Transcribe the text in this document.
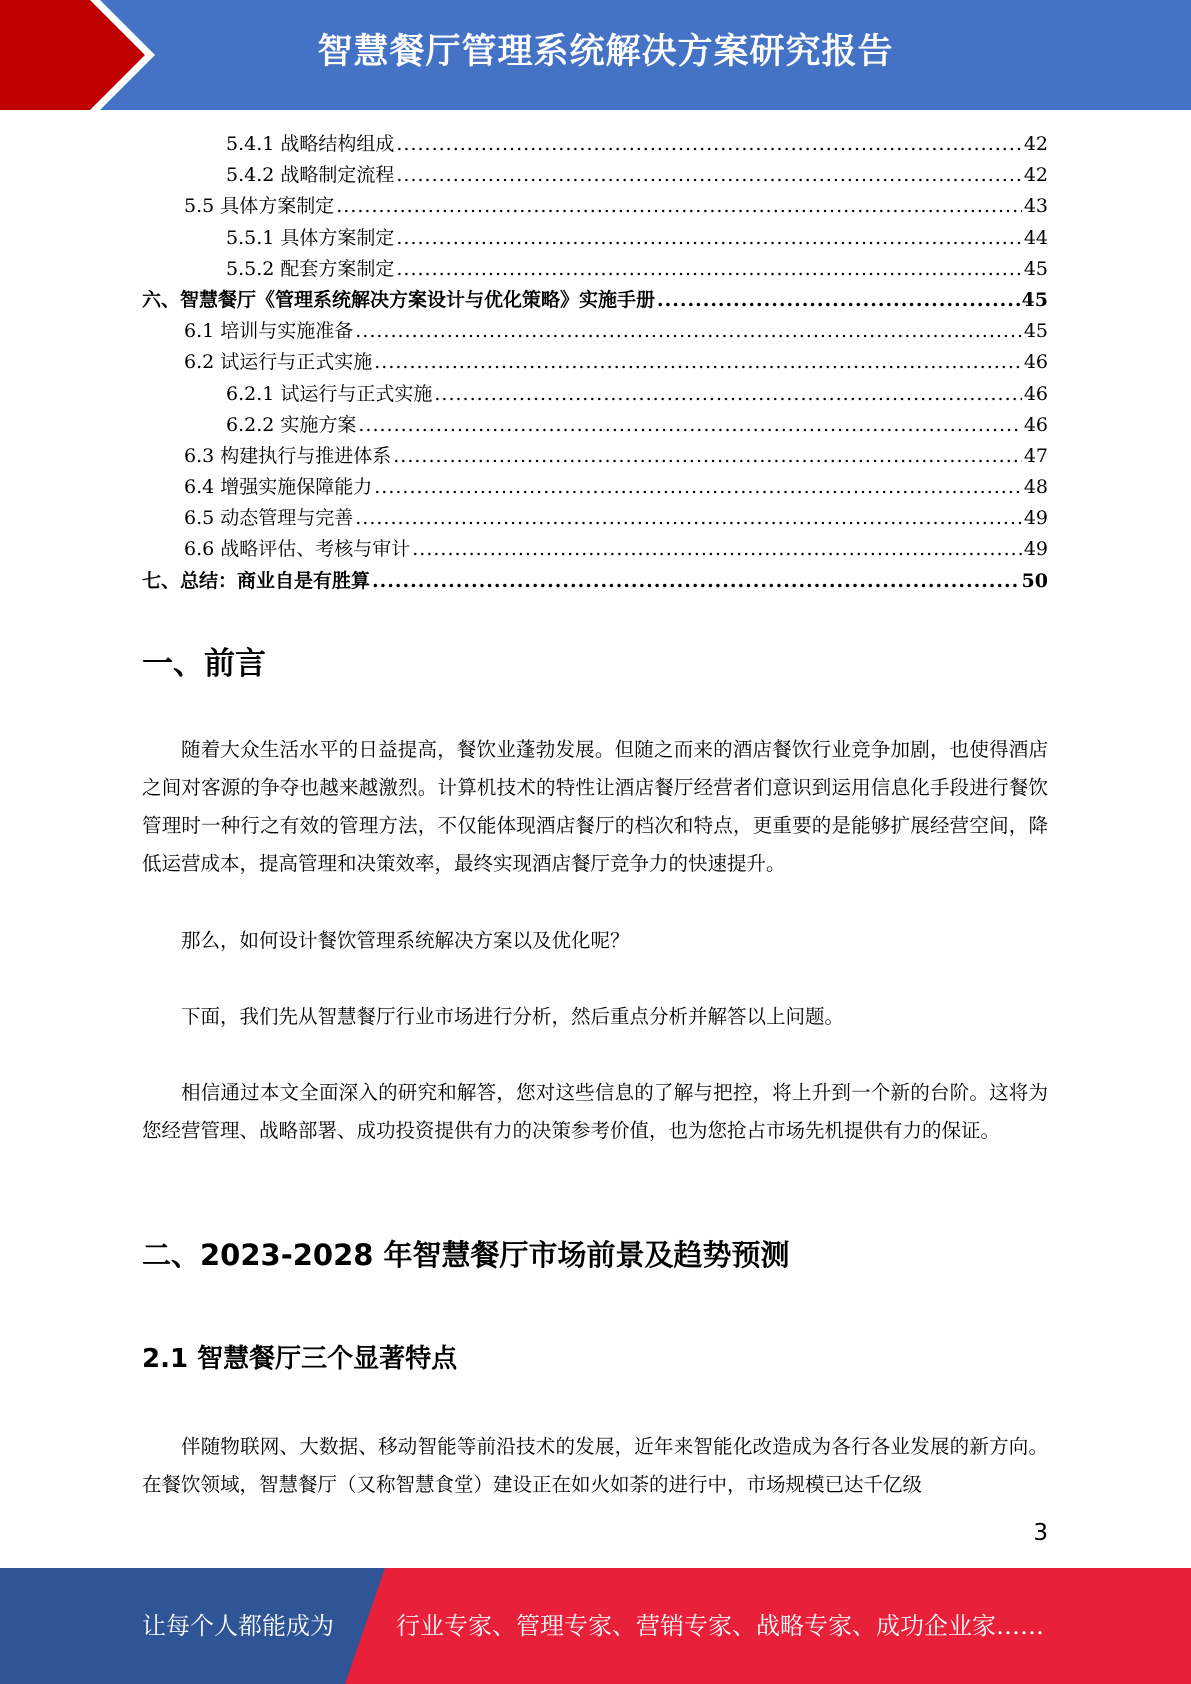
智慧餐厅管理系统解决方案研究报告
5.4.1 战略结构组成 .....	42
5.4.2 战略制定流程 .....	42
5.5 具体方案制定 .....	43
5.5.1 具体方案制定 .....	44
5.5.2 配套方案制定 .....	45
六、智慧餐厅《管理系统解决方案设计与优化策略》实施手册 .....	45
6.1 培训与实施准备 .....	45
6.2 试运行与正式实施 .....	46
6.2.1 试运行与正式实施 .....	46
6.2.2 实施方案 .....	46
6.3 构建执行与推进体系 .....	47
6.4 增强实施保障能力 .....	48
6.5 动态管理与完善 .....	49
6.6 战略评估、考核与审计 .....	49
七、总结：商业自是有胜算 .....	50
一、前言

随着大众生活水平的日益提高，餐饮业蓬勃发展。但随之而来的酒店餐饮行业竞争加剧，也使得酒店之间对客源的争夺也越来越激烈。计算机技术的特性让酒店餐厅经营者们意识到运用信息化手段进行餐饮管理时一种行之有效的管理方法，不仅能体现酒店餐厅的档次和特点，更重要的是能够扩展经营空间，降低运营成本，提高管理和决策效率，最终实现酒店餐厅竞争力的快速提升。

那么，如何设计餐饮管理系统解决方案以及优化呢？

下面，我们先从智慧餐厅行业市场进行分析，然后重点分析并解答以上问题。

相信通过本文全面深入的研究和解答，您对这些信息的了解与把控，将上升到一个新的台阶。这将为您经营管理、战略部署、成功投资提供有力的决策参考价值，也为您抢占市场先机提供有力的保证。

二、2023-2028 年智慧餐厅市场前景及趋势预测
2.1 智慧餐厅三个显著特点

伴随物联网、大数据、移动智能等前沿技术的发展，近年来智能化改造成为各行各业发展的新方向。在餐饮领域，智慧餐厅（又称智慧食堂）建设正在如火如荼的进行中，市场规模已达千亿级

3
让每个人都能成为	行业专家、管理专家、营销专家、战略专家、成功企业家……
